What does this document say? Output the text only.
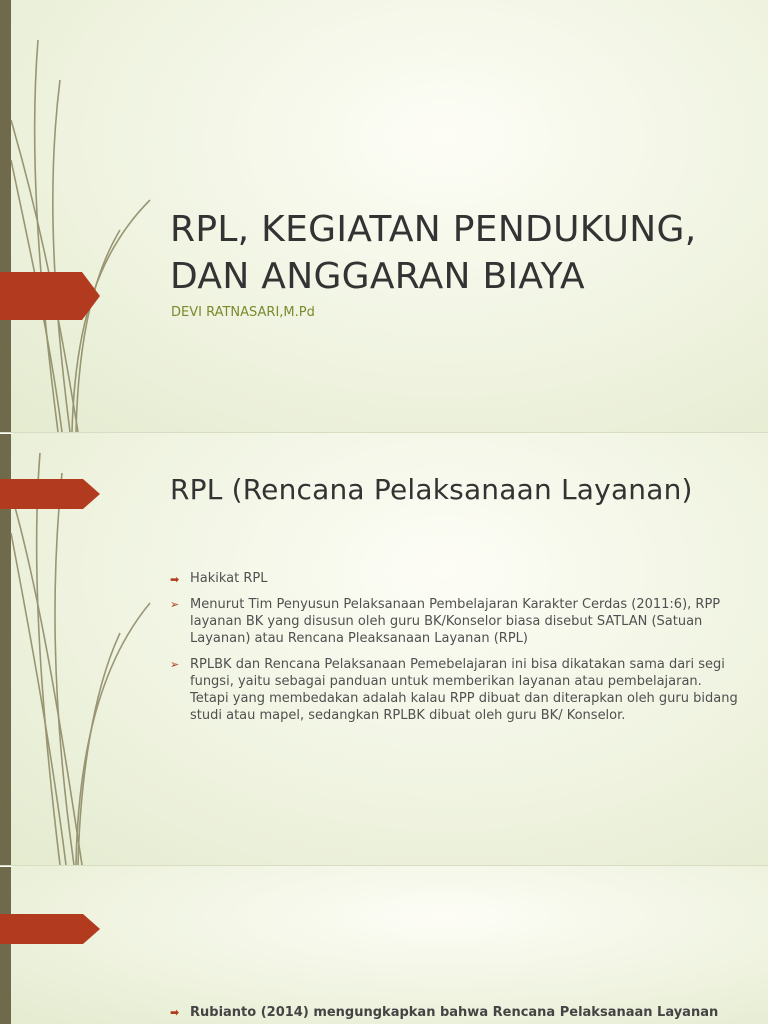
RPL, KEGIATAN PENDUKUNG,
DAN ANGGARAN BIAYA

DEVI RATNASARI,M.Pd

RPL (Rencana Pelaksanaan Layanan)
➡ Hakikat RPL
➢ Menurut Tim Penyusun Pelaksanaan Pembelajaran Karakter Cerdas (2011:6), RPP layanan BK yang disusun oleh guru BK/Konselor biasa disebut SATLAN (Satuan Layanan) atau Rencana Pleaksanaan Layanan (RPL)
➢ RPLBK dan Rencana Pelaksanaan Pemebelajaran ini bisa dikatakan sama dari segi fungsi, yaitu sebagai panduan untuk memberikan layanan atau pembelajaran. Tetapi yang membedakan adalah kalau RPP dibuat dan diterapkan oleh guru bidang studi atau mapel, sedangkan RPLBK dibuat oleh guru BK/ Konselor.
➡ Rubianto (2014) mengungkapkan bahwa Rencana Pelaksanaan Layanan
